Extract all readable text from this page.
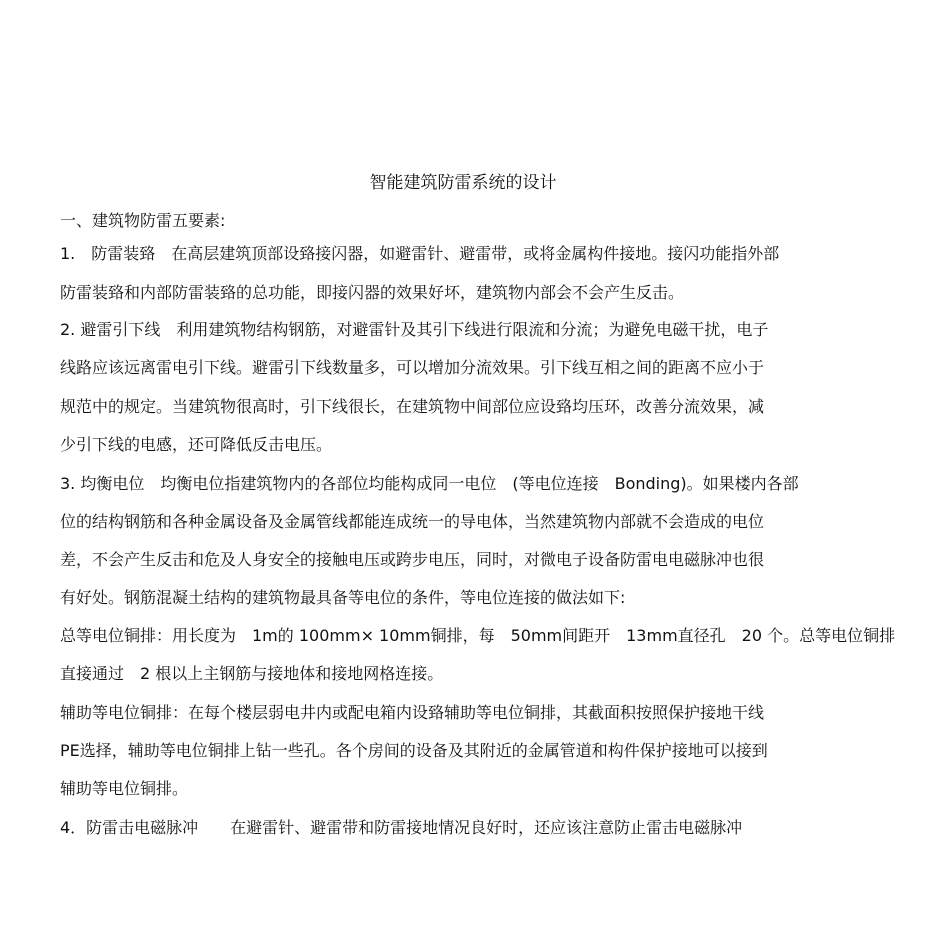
智能建筑防雷系统的设计
一、建筑物防雷五要素:
1.　防雷装臵　在高层建筑顶部设臵接闪器，如避雷针、避雷带，或将金属构件接地。接闪功能指外部
防雷装臵和内部防雷装臵的总功能，即接闪器的效果好坏，建筑物内部会不会产生反击。
2. 避雷引下线　利用建筑物结构钢筋，对避雷针及其引下线进行限流和分流；为避免电磁干扰，电子
线路应该远离雷电引下线。避雷引下线数量多，可以增加分流效果。引下线互相之间的距离不应小于
规范中的规定。当建筑物很高时，引下线很长，在建筑物中间部位应设臵均压环，改善分流效果，减
少引下线的电感，还可降低反击电压。
3. 均衡电位　均衡电位指建筑物内的各部位均能构成同一电位　(等电位连接　Bonding)。如果楼内各部
位的结构钢筋和各种金属设备及金属管线都能连成统一的导电体，当然建筑物内部就不会造成的电位
差，不会产生反击和危及人身安全的接触电压或跨步电压，同时，对微电子设备防雷电电磁脉冲也很
有好处。钢筋混凝土结构的建筑物最具备等电位的条件，等电位连接的做法如下:
总等电位铜排：用长度为　1m的 100mm× 10mm铜排，每　50mm间距开　13mm直径孔　20 个。总等电位铜排
直接通过　2 根以上主钢筋与接地体和接地网格连接。
辅助等电位铜排：在每个楼层弱电井内或配电箱内设臵辅助等电位铜排，其截面积按照保护接地干线
PE选择，辅助等电位铜排上钻一些孔。各个房间的设备及其附近的金属管道和构件保护接地可以接到
辅助等电位铜排。
4．防雷击电磁脉冲　　在避雷针、避雷带和防雷接地情况良好时，还应该注意防止雷击电磁脉冲
